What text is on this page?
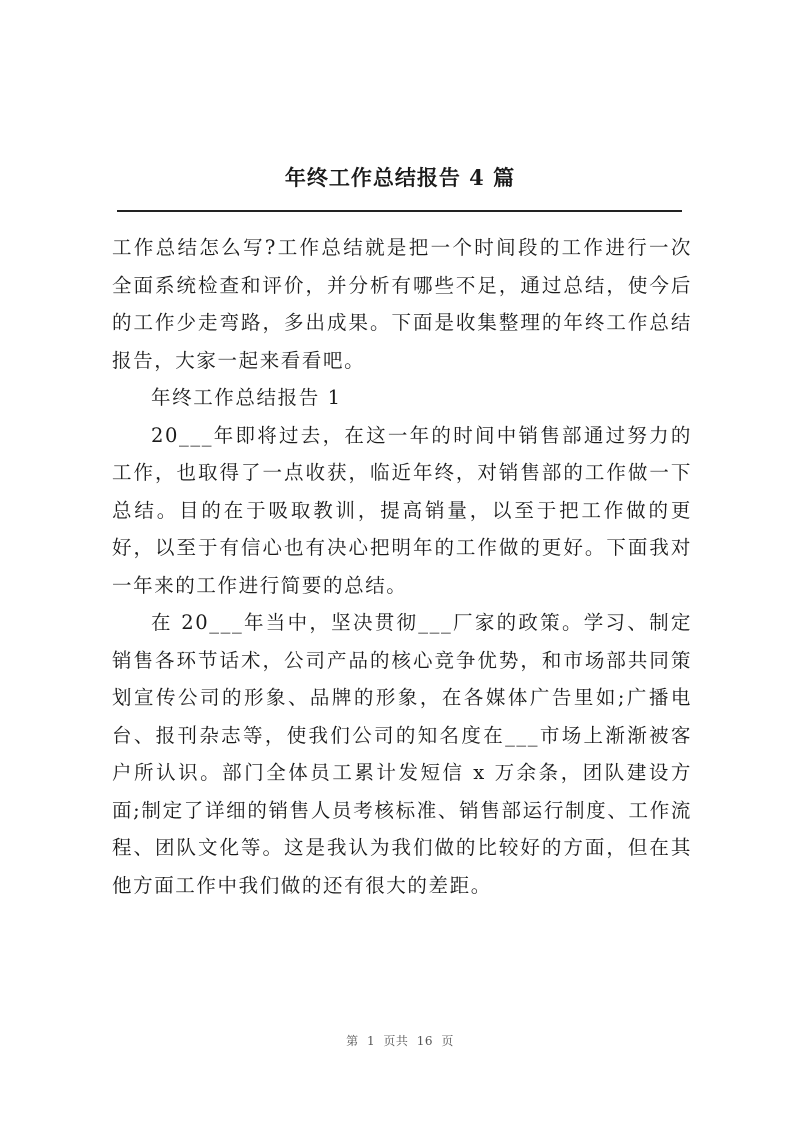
年终工作总结报告 4 篇

工作总结怎么写?工作总结就是把一个时间段的工作进行一次全面系统检查和评价，并分析有哪些不足，通过总结，使今后的工作少走弯路，多出成果。下面是收集整理的年终工作总结报告，大家一起来看看吧。

年终工作总结报告 1

20___年即将过去，在这一年的时间中销售部通过努力的工作，也取得了一点收获，临近年终，对销售部的工作做一下总结。目的在于吸取教训，提高销量，以至于把工作做的更好，以至于有信心也有决心把明年的工作做的更好。下面我对一年来的工作进行简要的总结。

在 20___年当中，坚决贯彻___厂家的政策。学习、制定销售各环节话术，公司产品的核心竞争优势，和市场部共同策划宣传公司的形象、品牌的形象，在各媒体广告里如;广播电台、报刊杂志等，使我们公司的知名度在___市场上渐渐被客户所认识。部门全体员工累计发短信 x 万余条，团队建设方面;制定了详细的销售人员考核标准、销售部运行制度、工作流程、团队文化等。这是我认为我们做的比较好的方面，但在其他方面工作中我们做的还有很大的差距。

第 1 页共 16 页
